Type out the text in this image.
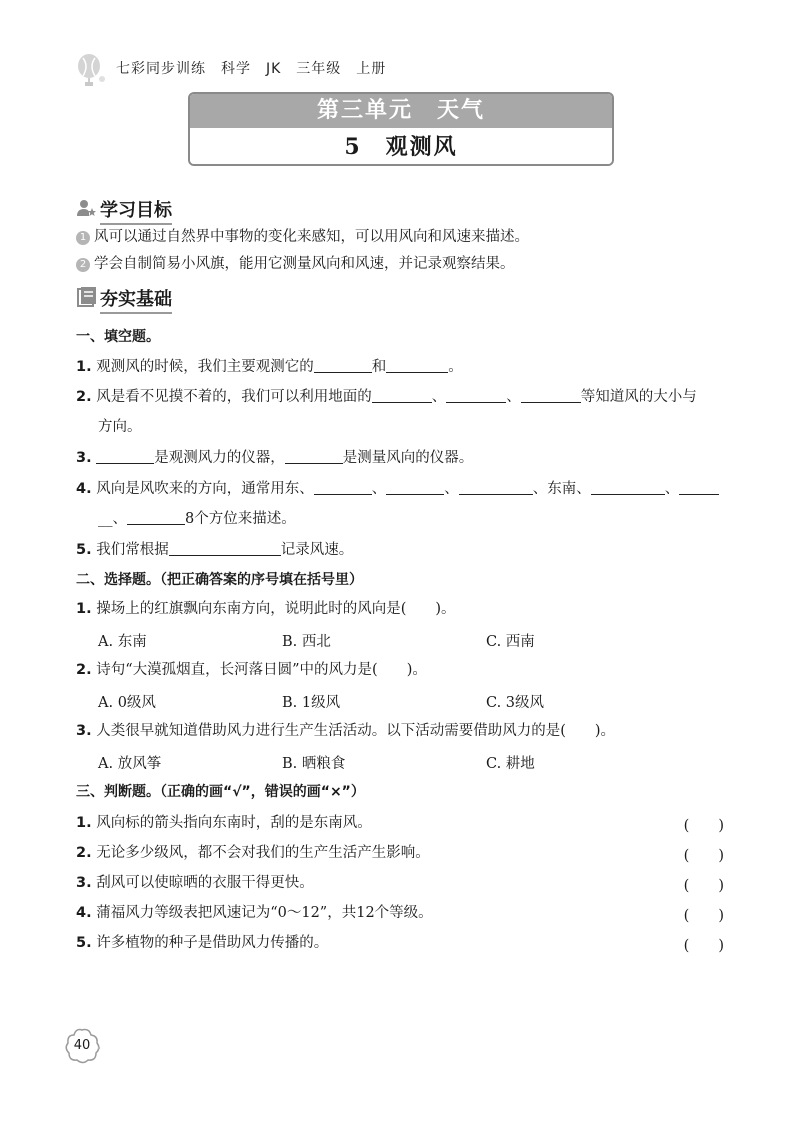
七彩同步训练　科学　JK　三年级　上册
第三单元　天气
5　观测风
学习目标
1 风可以通过自然界中事物的变化来感知，可以用风向和风速来描述。
2 学会自制简易小风旗，能用它测量风向和风速，并记录观察结果。
夯实基础
一、填空题。
1. 观测风的时候，我们主要观测它的	和	。
2. 风是看不见摸不着的，我们可以利用地面的	、	、	等知道风的大小与
方向。
3.	是观测风力的仪器，	是测量风向的仪器。
4. 风向是风吹来的方向，通常用东、	、	、	、东南、	、
__、	8个方位来描述。
5. 我们常根据	记录风速。
二、选择题。（把正确答案的序号填在括号里）
1. 操场上的红旗飘向东南方向，说明此时的风向是(　　)。
A. 东南	B. 西北	C. 西南
2. 诗句“大漠孤烟直，长河落日圆”中的风力是(　　)。
A. 0级风	B. 1级风	C. 3级风
3. 人类很早就知道借助风力进行生产生活活动。以下活动需要借助风力的是(　　)。
A. 放风筝	B. 晒粮食	C. 耕地
三、判断题。（正确的画“√”，错误的画“×”）
1. 风向标的箭头指向东南时，刮的是东南风。	(　　)
2. 无论多少级风，都不会对我们的生产生活产生影响。	(　　)
3. 刮风可以使晾晒的衣服干得更快。	(　　)
4. 蒲福风力等级表把风速记为“0～12”，共12个等级。	(　　)
5. 许多植物的种子是借助风力传播的。	(　　)
40
